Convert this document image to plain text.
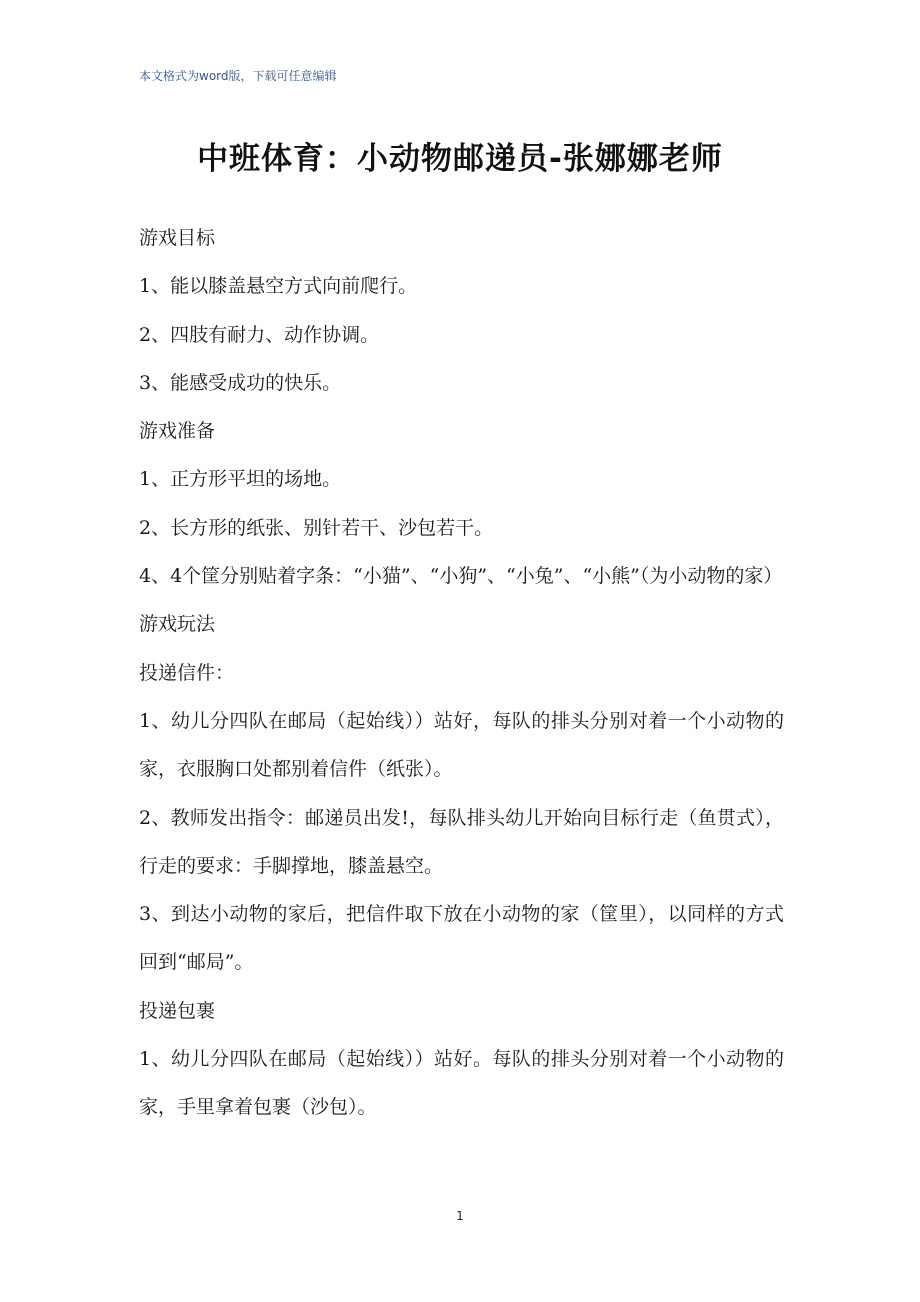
本文格式为word版，下载可任意编辑
中班体育：小动物邮递员-张娜娜老师

游戏目标

1、能以膝盖悬空方式向前爬行。

2、四肢有耐力、动作协调。

3、能感受成功的快乐。

游戏准备

1、正方形平坦的场地。

2、长方形的纸张、别针若干、沙包若干。

4、4个筐分别贴着字条：“小猫”、“小狗”、“小兔”、“小熊”（为小动物的家）

游戏玩法

投递信件：

1、幼儿分四队在邮局（起始线））站好，每队的排头分别对着一个小动物的家，衣服胸口处都别着信件（纸张）。

2、教师发出指令：邮递员出发!，每队排头幼儿开始向目标行走（鱼贯式），行走的要求：手脚撑地，膝盖悬空。

3、到达小动物的家后，把信件取下放在小动物的家（筐里），以同样的方式回到“邮局”。

投递包裹

1、幼儿分四队在邮局（起始线））站好。每队的排头分别对着一个小动物的家，手里拿着包裹（沙包）。

1
